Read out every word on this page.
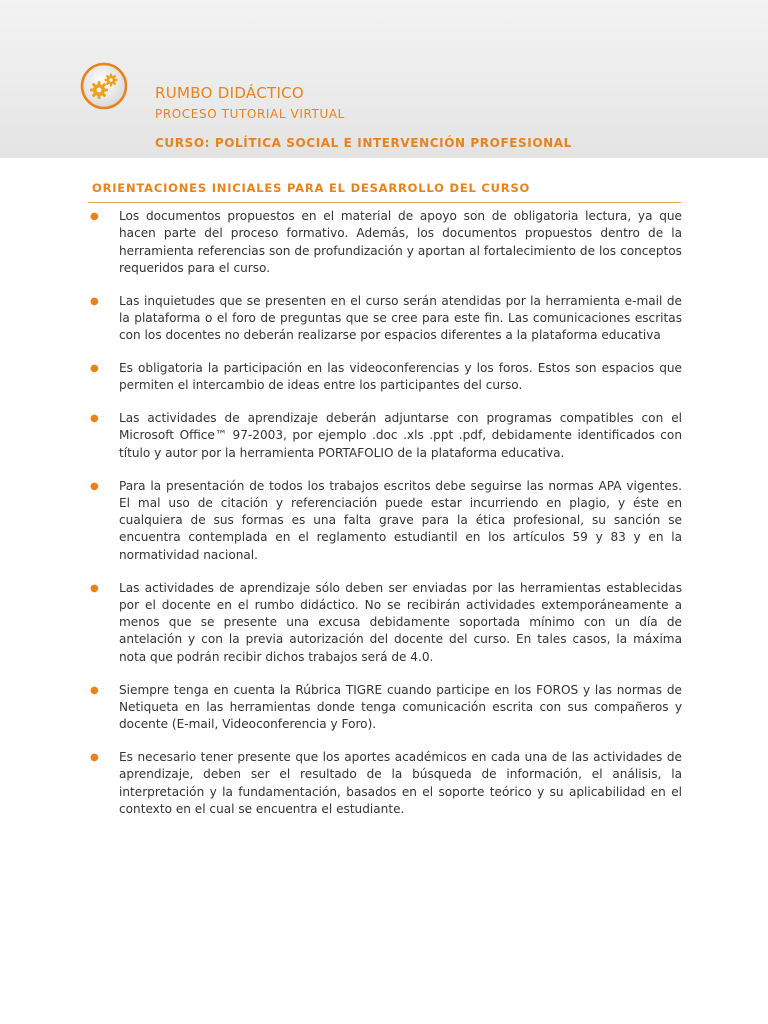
RUMBO DIDÁCTICO
PROCESO TUTORIAL VIRTUAL
CURSO: POLÍTICA SOCIAL E INTERVENCIÓN PROFESIONAL
ORIENTACIONES INICIALES PARA EL DESARROLLO DEL CURSO
● Los documentos propuestos en el material de apoyo son de obligatoria lectura, ya que hacen parte del proceso formativo. Además, los documentos propuestos dentro de la herramienta referencias son de profundización y aportan al fortalecimiento de los conceptos requeridos para el curso.
● Las inquietudes que se presenten en el curso serán atendidas por la herramienta e-mail de la plataforma o el foro de preguntas que se cree para este fin. Las comunicaciones escritas con los docentes no deberán realizarse por espacios diferentes a la plataforma educativa
● Es obligatoria la participación en las videoconferencias y los foros. Estos son espacios que permiten el intercambio de ideas entre los participantes del curso.
● Las actividades de aprendizaje deberán adjuntarse con programas compatibles con el Microsoft Office™ 97-2003, por ejemplo .doc .xls .ppt .pdf, debidamente identificados con título y autor por la herramienta PORTAFOLIO de la plataforma educativa.
● Para la presentación de todos los trabajos escritos debe seguirse las normas APA vigentes. El mal uso de citación y referenciación puede estar incurriendo en plagio, y éste en cualquiera de sus formas es una falta grave para la ética profesional, su sanción se encuentra contemplada en el reglamento estudiantil en los artículos 59 y 83 y en la normatividad nacional.
● Las actividades de aprendizaje sólo deben ser enviadas por las herramientas establecidas por el docente en el rumbo didáctico. No se recibirán actividades extemporáneamente a menos que se presente una excusa debidamente soportada mínimo con un día de antelación y con la previa autorización del docente del curso. En tales casos, la máxima nota que podrán recibir dichos trabajos será de 4.0.
● Siempre tenga en cuenta la Rúbrica TIGRE cuando participe en los FOROS y las normas de Netiqueta en las herramientas donde tenga comunicación escrita con sus compañeros y docente (E-mail, Videoconferencia y Foro).
● Es necesario tener presente que los aportes académicos en cada una de las actividades de aprendizaje, deben ser el resultado de la búsqueda de información, el análisis, la interpretación y la fundamentación, basados en el soporte teórico y su aplicabilidad en el contexto en el cual se encuentra el estudiante.
